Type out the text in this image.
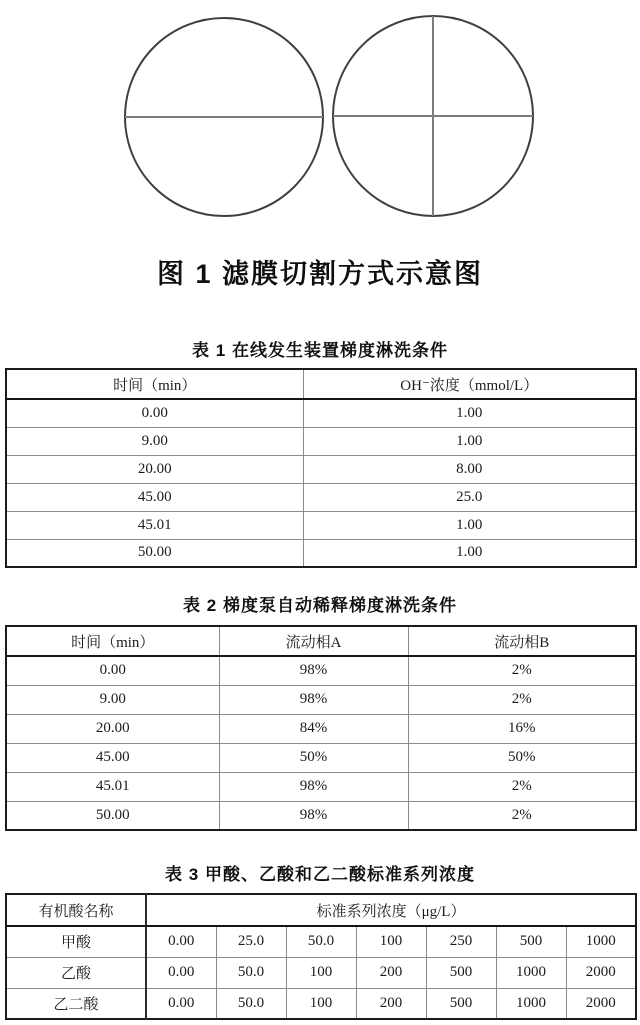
图 1 滤膜切割方式示意图
表 1 在线发生装置梯度淋洗条件
时间（min）	OH⁻浓度（mmol/L）
0.00	1.00
9.00	1.00
20.00	8.00
45.00	25.0
45.01	1.00
50.00	1.00
表 2 梯度泵自动稀释梯度淋洗条件
时间（min）	流动相A	流动相B
0.00	98%	2%
9.00	98%	2%
20.00	84%	16%
45.00	50%	50%
45.01	98%	2%
50.00	98%	2%
表 3 甲酸、乙酸和乙二酸标准系列浓度
有机酸名称	标准系列浓度（μg/L）						
甲酸	0.00	25.0	50.0	100	250	500	1000
乙酸	0.00	50.0	100	200	500	1000	2000
乙二酸	0.00	50.0	100	200	500	1000	2000
